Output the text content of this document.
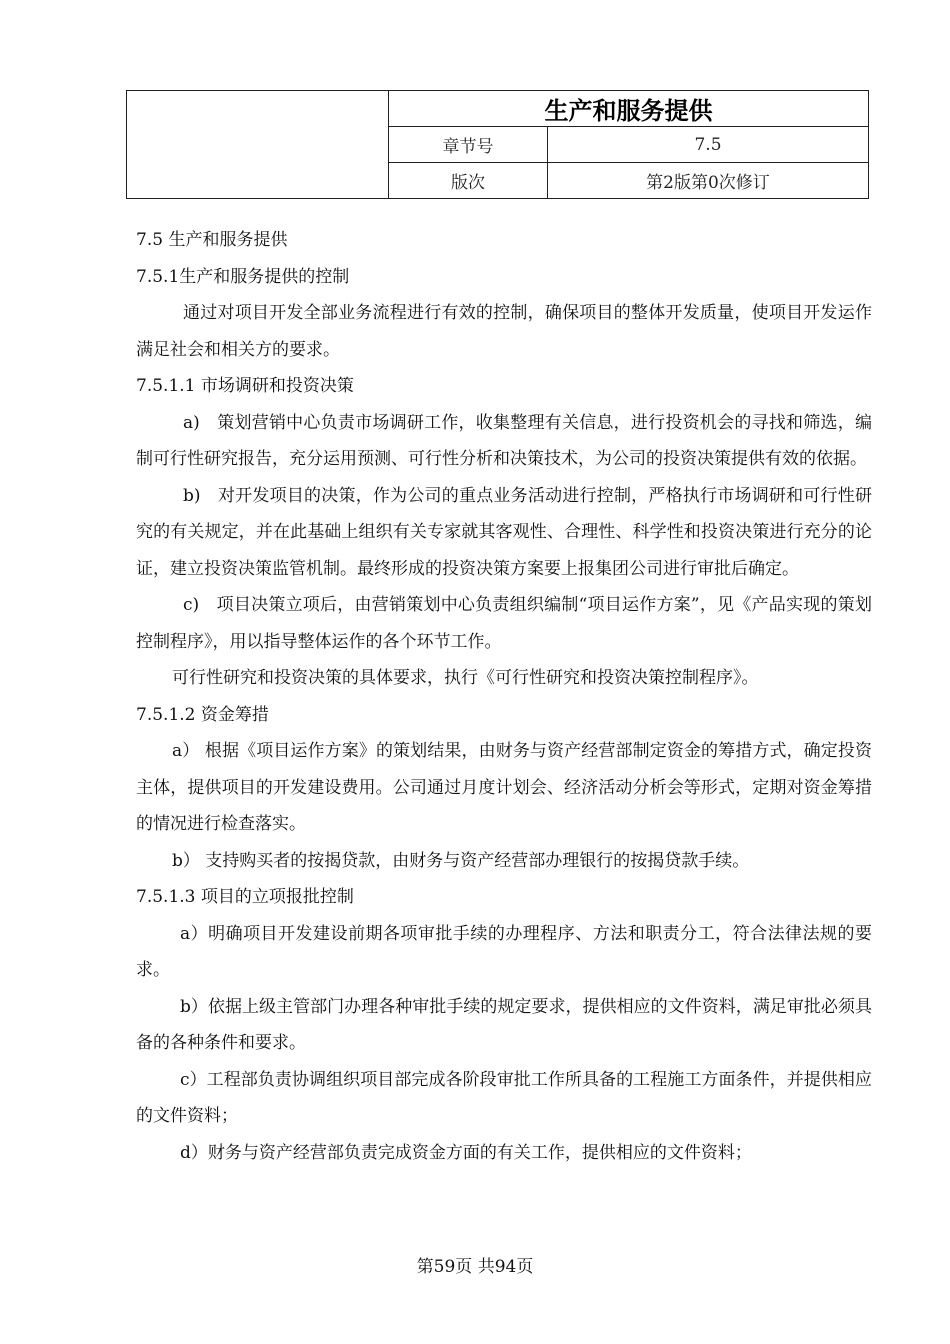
	生产和服务提供	
	章节号	7.5
	版次	第2版第0次修订

7.5 生产和服务提供

7.5.1生产和服务提供的控制

通过对项目开发全部业务流程进行有效的控制，确保项目的整体开发质量，使项目开发运作满足社会和相关方的要求。

7.5.1.1 市场调研和投资决策

a)　策划营销中心负责市场调研工作，收集整理有关信息，进行投资机会的寻找和筛选，编制可行性研究报告，充分运用预测、可行性分析和决策技术，为公司的投资决策提供有效的依据。

b)　对开发项目的决策，作为公司的重点业务活动进行控制，严格执行市场调研和可行性研究的有关规定，并在此基础上组织有关专家就其客观性、合理性、科学性和投资决策进行充分的论证，建立投资决策监管机制。最终形成的投资决策方案要上报集团公司进行审批后确定。

c)　项目决策立项后，由营销策划中心负责组织编制“项目运作方案”，见《产品实现的策划控制程序》，用以指导整体运作的各个环节工作。

可行性研究和投资决策的具体要求，执行《可行性研究和投资决策控制程序》。

7.5.1.2 资金筹措

a） 根据《项目运作方案》的策划结果，由财务与资产经营部制定资金的筹措方式，确定投资主体，提供项目的开发建设费用。公司通过月度计划会、经济活动分析会等形式，定期对资金筹措的情况进行检查落实。

b） 支持购买者的按揭贷款，由财务与资产经营部办理银行的按揭贷款手续。

7.5.1.3 项目的立项报批控制

a）明确项目开发建设前期各项审批手续的办理程序、方法和职责分工，符合法律法规的要求。

b）依据上级主管部门办理各种审批手续的规定要求，提供相应的文件资料，满足审批必须具备的各种条件和要求。

c）工程部负责协调组织项目部完成各阶段审批工作所具备的工程施工方面条件，并提供相应的文件资料；

d）财务与资产经营部负责完成资金方面的有关工作，提供相应的文件资料；

第59页 共94页
